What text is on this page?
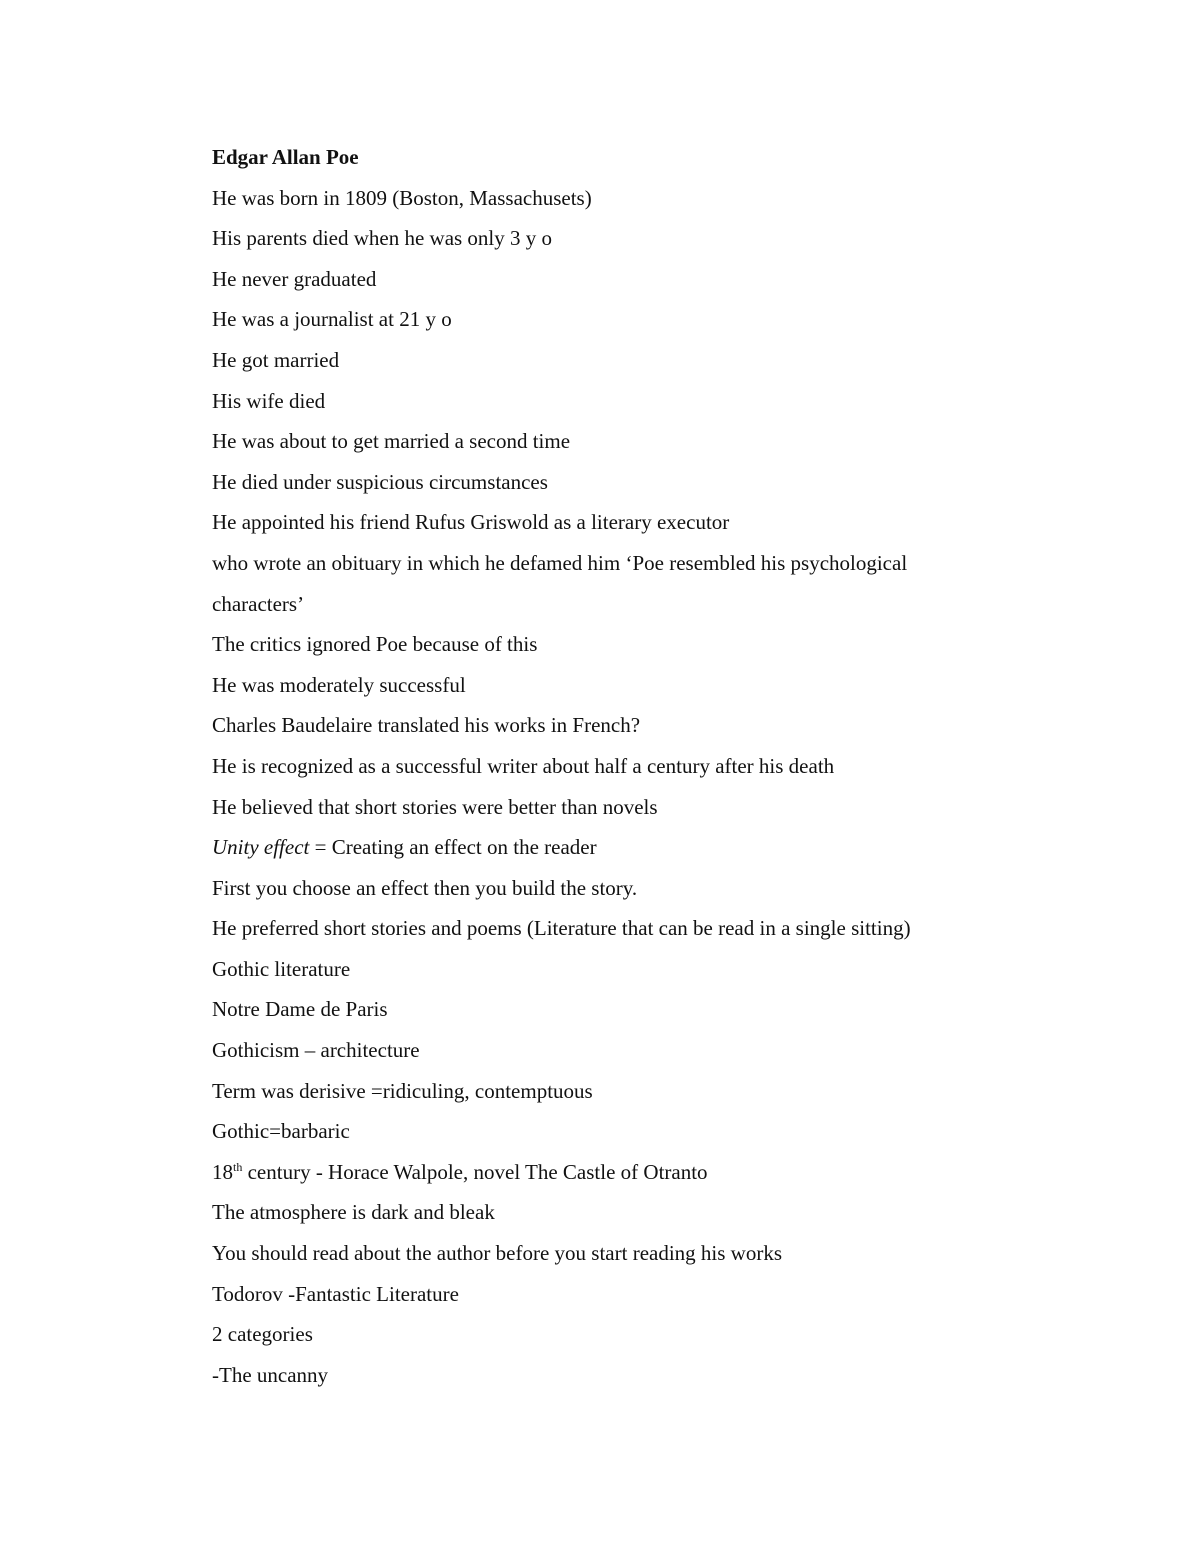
Edgar Allan Poe

He was born in 1809 (Boston, Massachusets)

His parents died when he was only 3 y o

He never graduated

He was a journalist at 21 y o

He got married

His wife died

He was about to get married a second time

He died under suspicious circumstances

He appointed his friend Rufus Griswold as a literary executor

who wrote an obituary in which he defamed him ‘Poe resembled his psychological

characters’

The critics ignored Poe because of this

He was moderately successful

Charles Baudelaire translated his works in French?

He is recognized as a successful writer about half a century after his death

He believed that short stories were better than novels

Unity effect = Creating an effect on the reader

First you choose an effect then you build the story.

He preferred short stories and poems (Literature that can be read in a single sitting)

Gothic literature

Notre Dame de Paris

Gothicism – architecture

Term was derisive =ridiculing, contemptuous

Gothic=barbaric

18th century - Horace Walpole, novel The Castle of Otranto

The atmosphere is dark and bleak

You should read about the author before you start reading his works

Todorov -Fantastic Literature

2 categories

-The uncanny
